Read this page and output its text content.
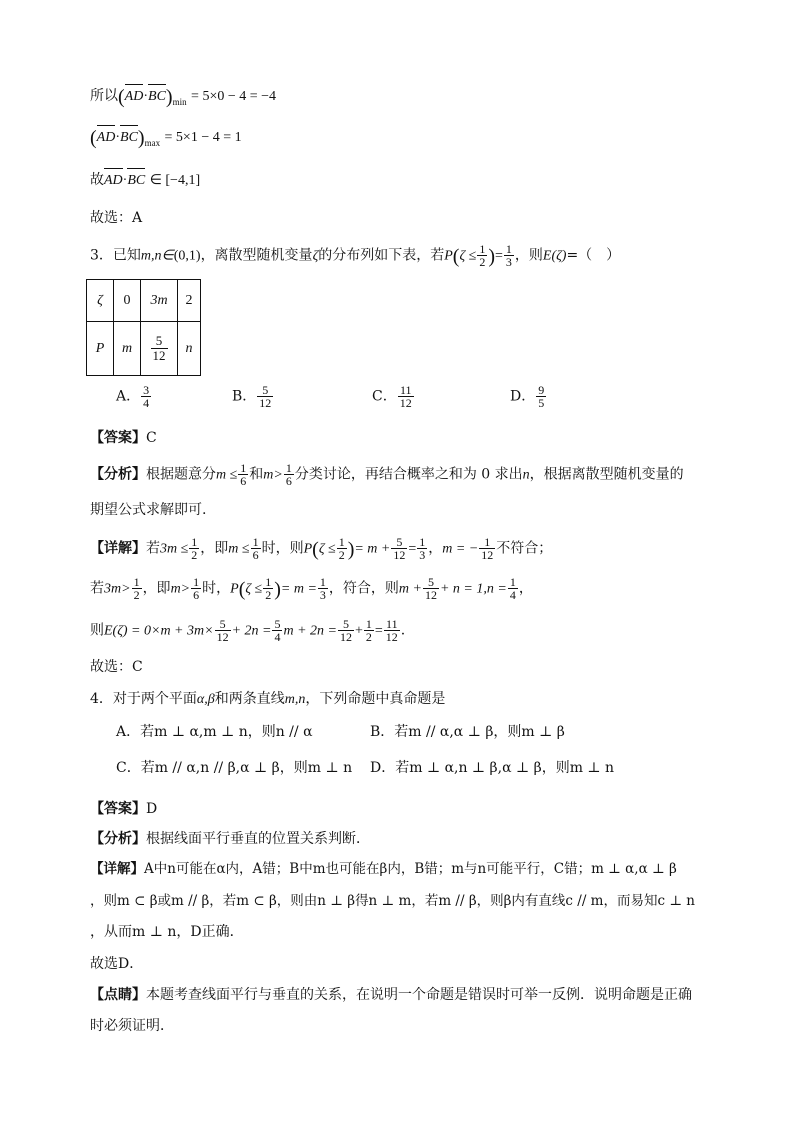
所以$(AD\cdot BC)_{min} = 5\times 0 - 4 = -4$
$(AD\cdot BC)_{max} = 5\times 1 - 4 = 1$
故AD·BC ∈ [−4,1]
故选：A
3．已知m,n∈(0,1)，离散型随机变量ζ的分布列如下表，若$P(\zeta \le \frac{1}{2}$ )= $\frac{1}{3}$ ，则E(ζ)=（　）
ζ	0	3m	2
P	m	$\frac{5}{12}$	n
A． $\frac{3}{4}$	B． $\frac{5}{12}$	C． $\frac{11}{12}$	D． $\frac{9}{5}$
【答案】C
【分析】根据题意分$m \le \frac{1}{6}$ 和$m> \frac{1}{6}$ 分类讨论，再结合概率之和为 0 求出n，根据离散型随机变量的
期望公式求解即可.
【详解】若$3m \le \frac{1}{2}$ ，即$m \le \frac{1}{6}$ 时，则$P(\zeta \le \frac{1}{2}$ )= $m + \frac{5}{12} = \frac{1}{3}$ ，m = − $\frac{1}{12}$ 不符合；
若$3m> \frac{1}{2}$ ，即$m> \frac{1}{6}$ 时，$P(\zeta \le \frac{1}{2}$ )= $m = \frac{1}{3}$ ，符合，则$m + \frac{5}{12} + n = 1,n = \frac{1}{4}$ ，
则$E(\zeta) = 0\times m + 3m\times \frac{5}{12} + 2n = \frac{5}{4}$ $m + 2n = \frac{5}{12} + \frac{1}{2} = \frac{11}{12}$ .
故选：C
4．对于两个平面α,β和两条直线m,n，下列命题中真命题是
A．若m ⊥ α,m ⊥ n，则n // α	B．若m // α,α ⊥ β，则m ⊥ β
C．若m // α,n // β,α ⊥ β，则m ⊥ n D．若m ⊥ α,n ⊥ β,α ⊥ β，则m ⊥ n
【答案】D
【分析】根据线面平行垂直的位置关系判断．
【详解】A中n可能在α内，A错；B中m也可能在β内，B错；m与n可能平行，C错；m ⊥ α,α ⊥ β
，则m ⊂ β或m // β，若m ⊂ β，则由n ⊥ β得n ⊥ m，若m // β，则β内有直线c // m，而易知c ⊥ n
，从而m ⊥ n，D正确．
故选D．
【点睛】本题考查线面平行与垂直的关系，在说明一个命题是错误时可举一反例．说明命题是正确
时必须证明．
